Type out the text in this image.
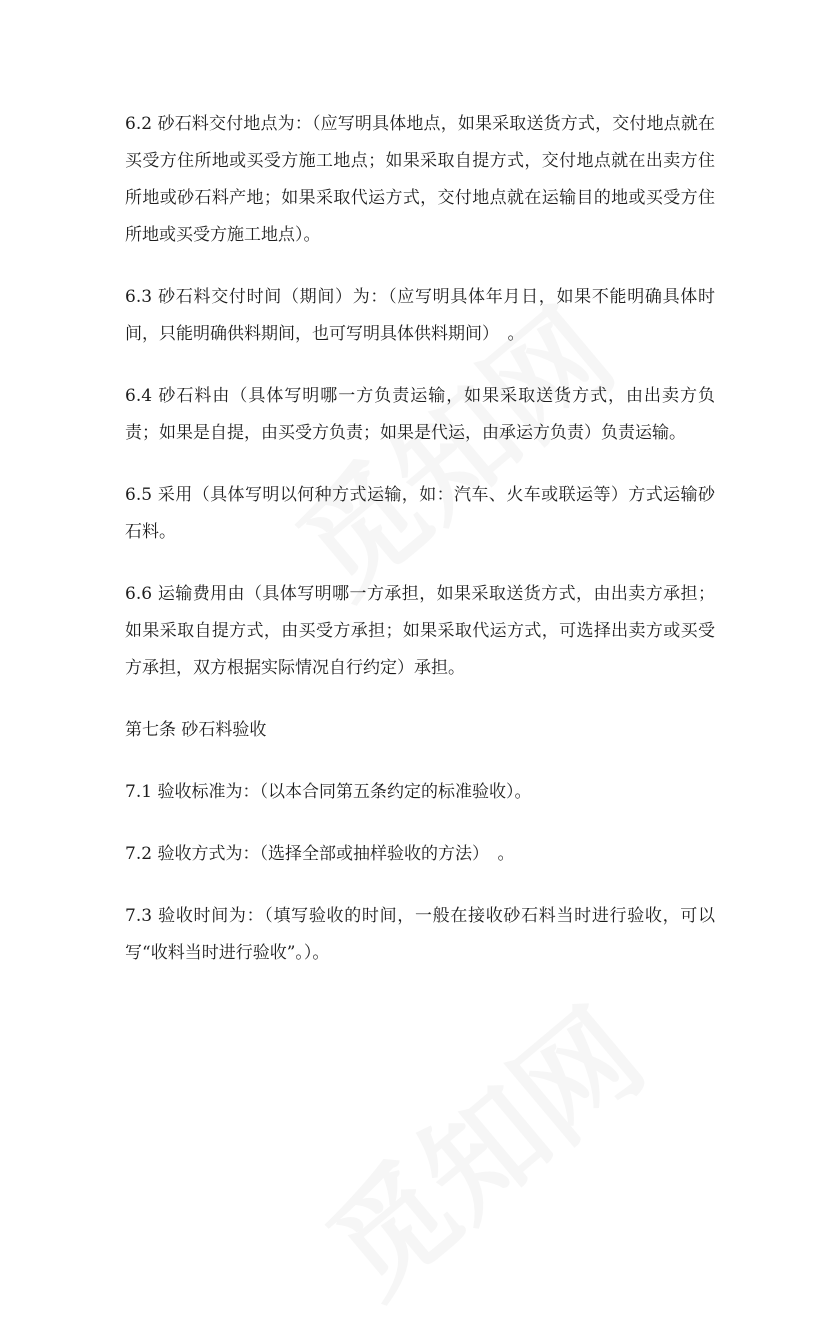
6.2 砂石料交付地点为：（应写明具体地点，如果采取送货方式，交付地点就在买受方住所地或买受方施工地点；如果采取自提方式，交付地点就在出卖方住所地或砂石料产地；如果采取代运方式，交付地点就在运输目的地或买受方住所地或买受方施工地点）。

6.3 砂石料交付时间（期间）为：（应写明具体年月日，如果不能明确具体时间，只能明确供料期间，也可写明具体供料期间）　。

6.4 砂石料由（具体写明哪一方负责运输，如果采取送货方式，由出卖方负责；如果是自提，由买受方负责；如果是代运，由承运方负责）负责运输。

6.5 采用（具体写明以何种方式运输，如：汽车、火车或联运等）方式运输砂石料。

6.6 运输费用由（具体写明哪一方承担，如果采取送货方式，由出卖方承担；如果采取自提方式，由买受方承担；如果采取代运方式，可选择出卖方或买受方承担，双方根据实际情况自行约定）承担。

第七条 砂石料验收

7.1 验收标准为：（以本合同第五条约定的标准验收）。

7.2 验收方式为：（选择全部或抽样验收的方法）　。

7.3 验收时间为：（填写验收的时间，一般在接收砂石料当时进行验收，可以写“收料当时进行验收”。）。
